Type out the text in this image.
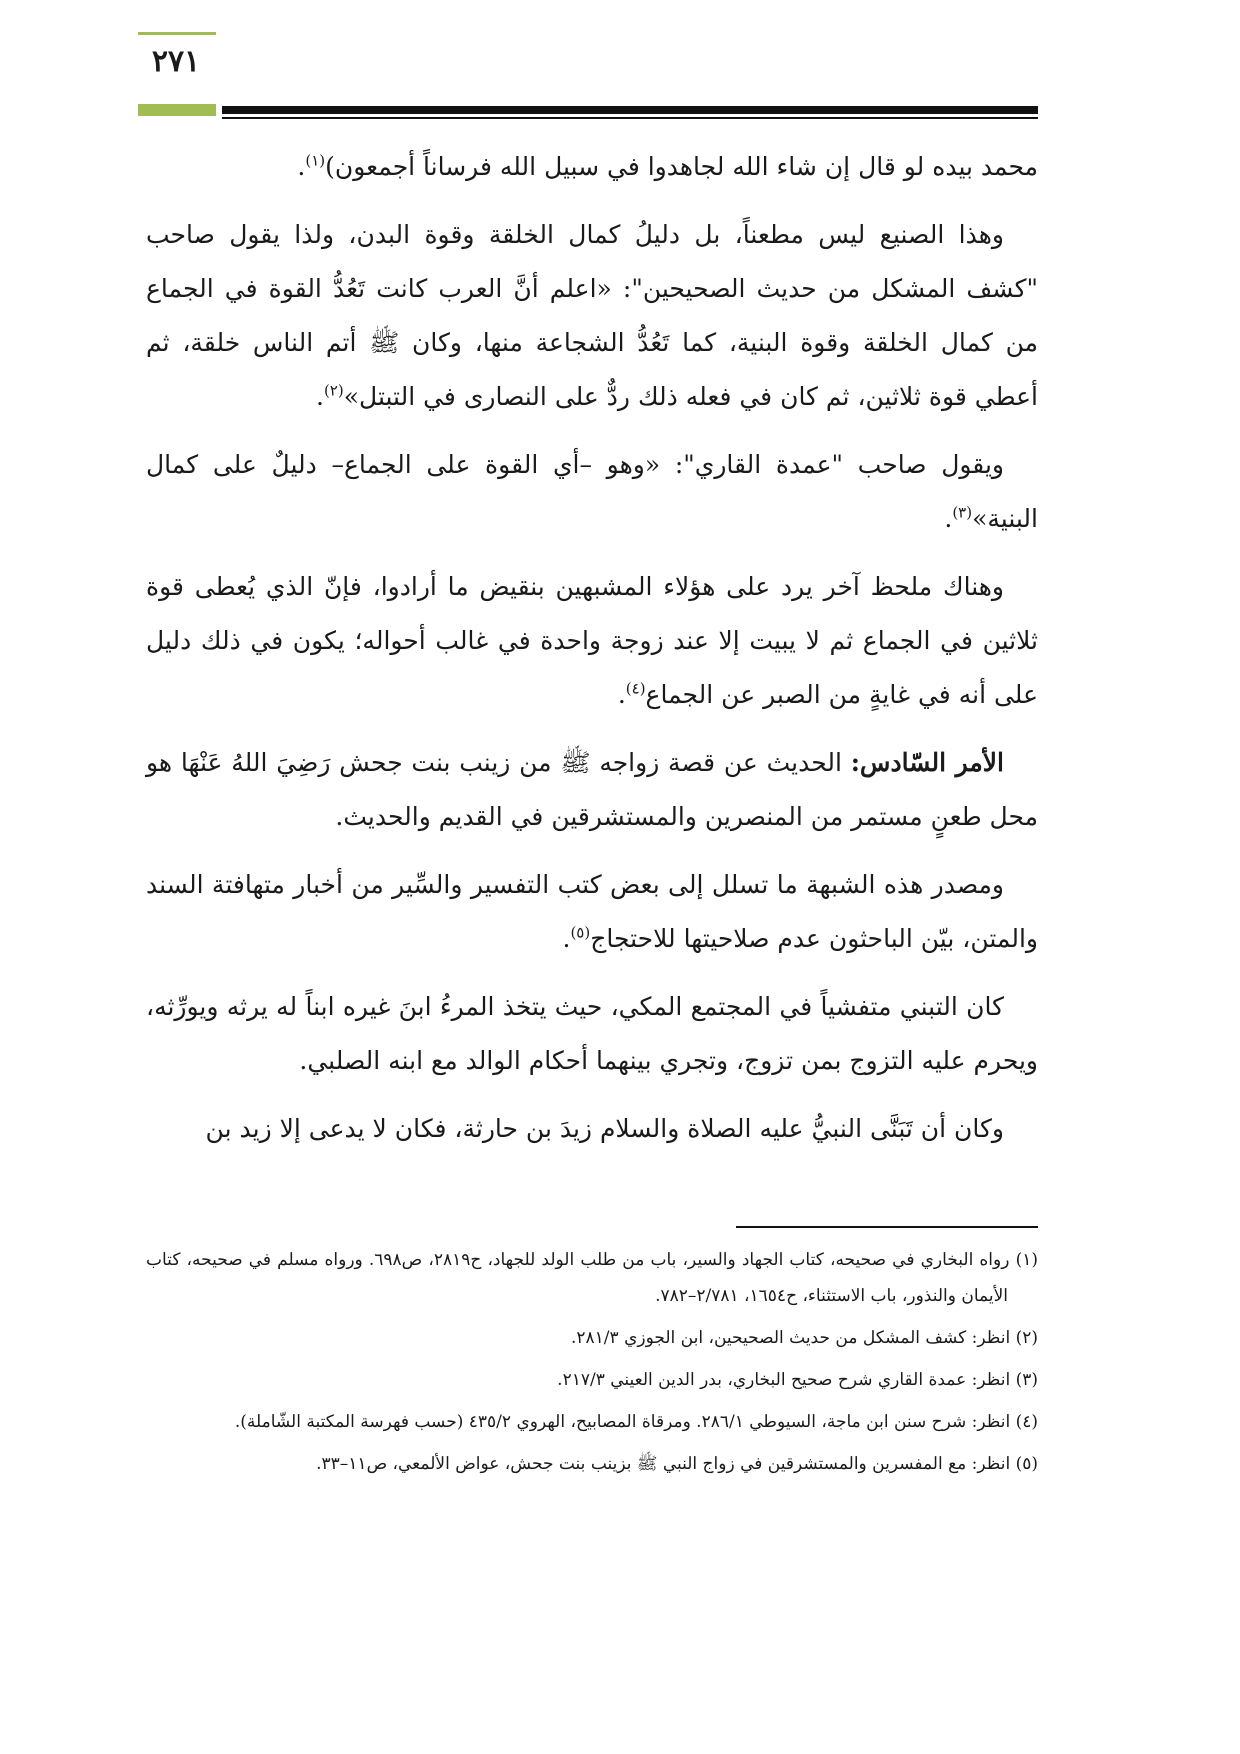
٢٧١

محمد بيده لو قال إن شاء الله لجاهدوا في سبيل الله فرساناً أجمعون)$^{(١)}$.

وهذا الصنيع ليس مطعناً، بل دليلُ كمال الخلقة وقوة البدن، ولذا يقول صاحب "كشف المشكل من حديث الصحيحين": «اعلم أنَّ العرب كانت تَعُدُّ القوة في الجماع من كمال الخلقة وقوة البنية، كما تَعُدُّ الشجاعة منها، وكان ﷺ أتم الناس خلقة، ثم أعطي قوة ثلاثين، ثم كان في فعله ذلك ردٌّ على النصارى في التبتل»$^{(٢)}$.

ويقول صاحب "عمدة القاري": «وهو –أي القوة على الجماع– دليلٌ على كمال البنية»$^{(٣)}$.

وهناك ملحظ آخر يرد على هؤلاء المشبهين بنقيض ما أرادوا، فإنّ الذي يُعطى قوة ثلاثين في الجماع ثم لا يبيت إلا عند زوجة واحدة في غالب أحواله؛ يكون في ذلك دليل على أنه في غايةٍ من الصبر عن الجماع$^{(٤)}$.

الأمر السّادس: الحديث عن قصة زواجه ﷺ من زينب بنت جحش رَضِيَ اللهُ عَنْهَا هو محل طعنٍ مستمر من المنصرين والمستشرقين في القديم والحديث.

ومصدر هذه الشبهة ما تسلل إلى بعض كتب التفسير والسِّير من أخبار متهافتة السند والمتن، بيّن الباحثون عدم صلاحيتها للاحتجاج$^{(٥)}$.

كان التبني متفشياً في المجتمع المكي، حيث يتخذ المرءُ ابنَ غيره ابناً له يرثه ويورِّثه، ويحرم عليه التزوج بمن تزوج، وتجري بينهما أحكام الوالد مع ابنه الصلبي.

وكان أن تَبَنَّى النبيُّ عليه الصلاة والسلام زيدَ بن حارثة، فكان لا يدعى إلا زيد بن

(١) رواه البخاري في صحيحه، كتاب الجهاد والسير، باب من طلب الولد للجهاد، ح٢٨١٩، ص٦٩٨. ورواه مسلم في صحيحه، كتاب الأيمان والنذور، باب الاستثناء، ح١٦٥٤، ٢/٧٨١–٧٨٢.

(٢) انظر: كشف المشكل من حديث الصحيحين، ابن الجوزي ٢٨١/٣.

(٣) انظر: عمدة القاري شرح صحيح البخاري، بدر الدين العيني ٢١٧/٣.

(٤) انظر: شرح سنن ابن ماجة، السيوطي ٢٨٦/١. ومرقاة المصابيح، الهروي ٤٣٥/٢ (حسب فهرسة المكتبة الشّاملة).

(٥) انظر: مع المفسرين والمستشرقين في زواج النبي ﷺ بزينب بنت جحش، عواض الألمعي، ص١١–٣٣.
